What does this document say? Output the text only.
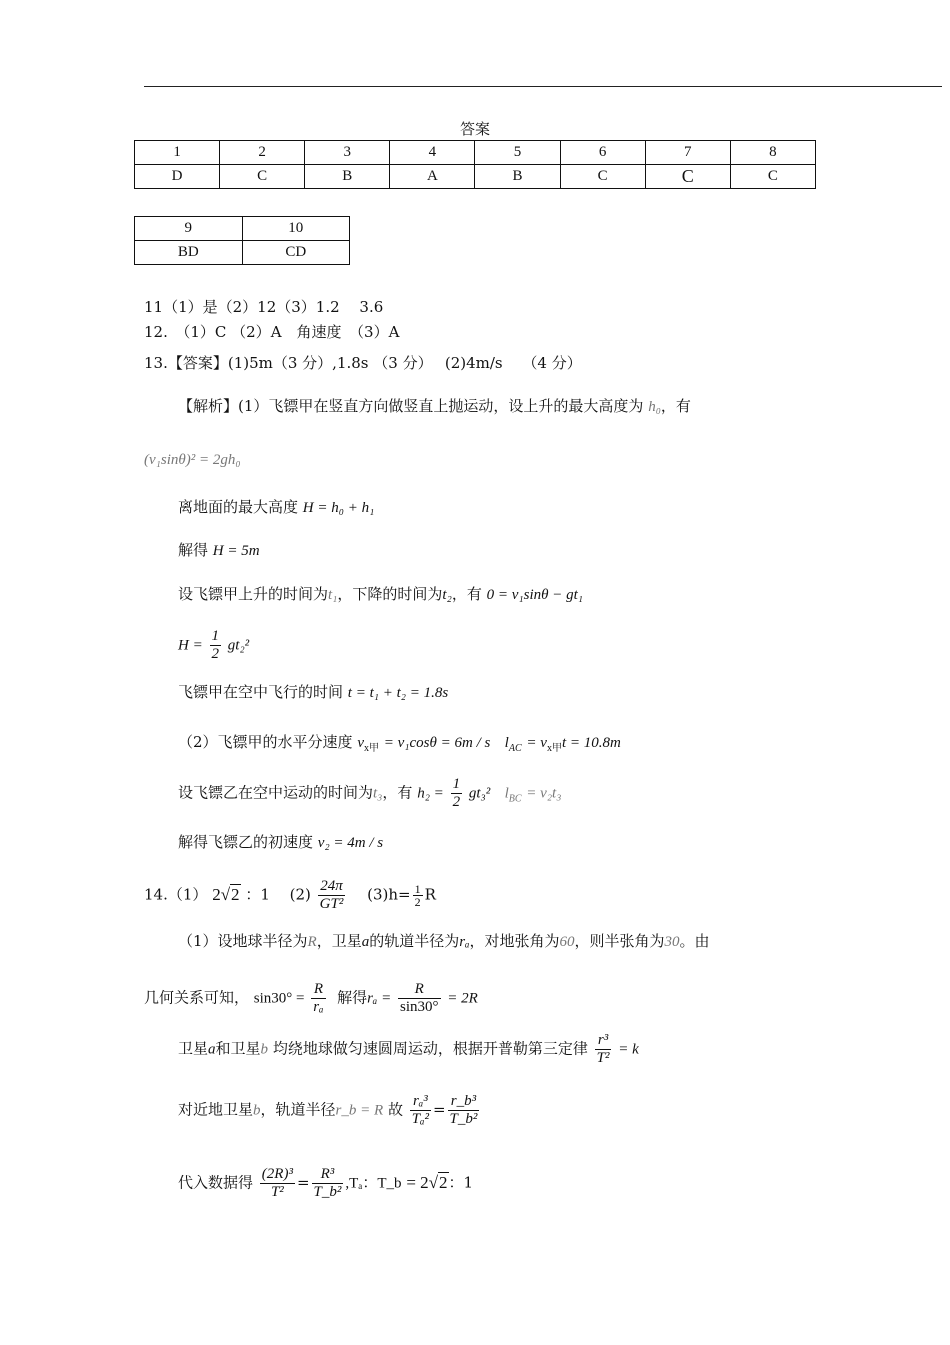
答案
1	2	3	4	5	6	7	8
D	C	B	A	B	C	C	C
9	10
BD	CD
11（1）是（2）12（3）1.2　 3.6
12.　（1）C （2）A　角速度　（3）A
13.【答案】(1)5m（3 分）,1.8s （3 分）　 (2)4m/s　 （4 分）
【解析】(1）飞镖甲在竖直方向做竖直上抛运动，设上升的最大高度为 h₀，有
(v₁sinθ)² = 2gh₀
离地面的最大高度 H = h₀ + h₁
解得 H = 5m
设飞镖甲上升的时间为t₁，下降的时间为t₂，有 0 = v₁sinθ − gt₁
$H = \frac{1}{2} gt_2^2$
飞镖甲在空中飞行的时间 t = t₁ + t₂ = 1.8s
（2）飞镖甲的水平分速度 $v_{x甲} = v_1\cos\theta = 6m / s$ $l_{AC} = v_{x甲}t = 10.8m$
设飞镖乙在空中运动的时间为t₃，有 $h_2 = \frac{1}{2} gt_3^2$ $l_{BC} = v_2t_3$
解得飞镖乙的初速度 v₂ = 4m / s
14.（1） 2√2 ：1　 $(2) \frac{24\pi}{\text{GT²}}$ 　$(3)h= \frac{1}{2}$ R
（1）设地球半径为R，卫星a的轨道半径为rₐ，对地张角为60，则半张角为30。由
几何关系可知， $\sin 30^\circ = \frac{R}{\text{rₐ}}$ 解得$r_a = \frac{R}{\sin 30^\circ} = 2R$
卫星a和卫星b 均绕地球做匀速圆周运动，根据开普勒第三定律 $\frac{\text{r³}}{\text{T²}} = k$
对近地卫星b，轨道半径r_b = R 故 $\frac{\text{rₐ³}}{\text{Tₐ²}} = \frac{\text{r\_b³}}{\text{T\_b²}}$
代入数据得 $\frac{\text{(2R)³}}{\text{T²}} = \frac{\text{R³}}{\text{T\_b²}} ,T_a$：T_b = 2√2：1
